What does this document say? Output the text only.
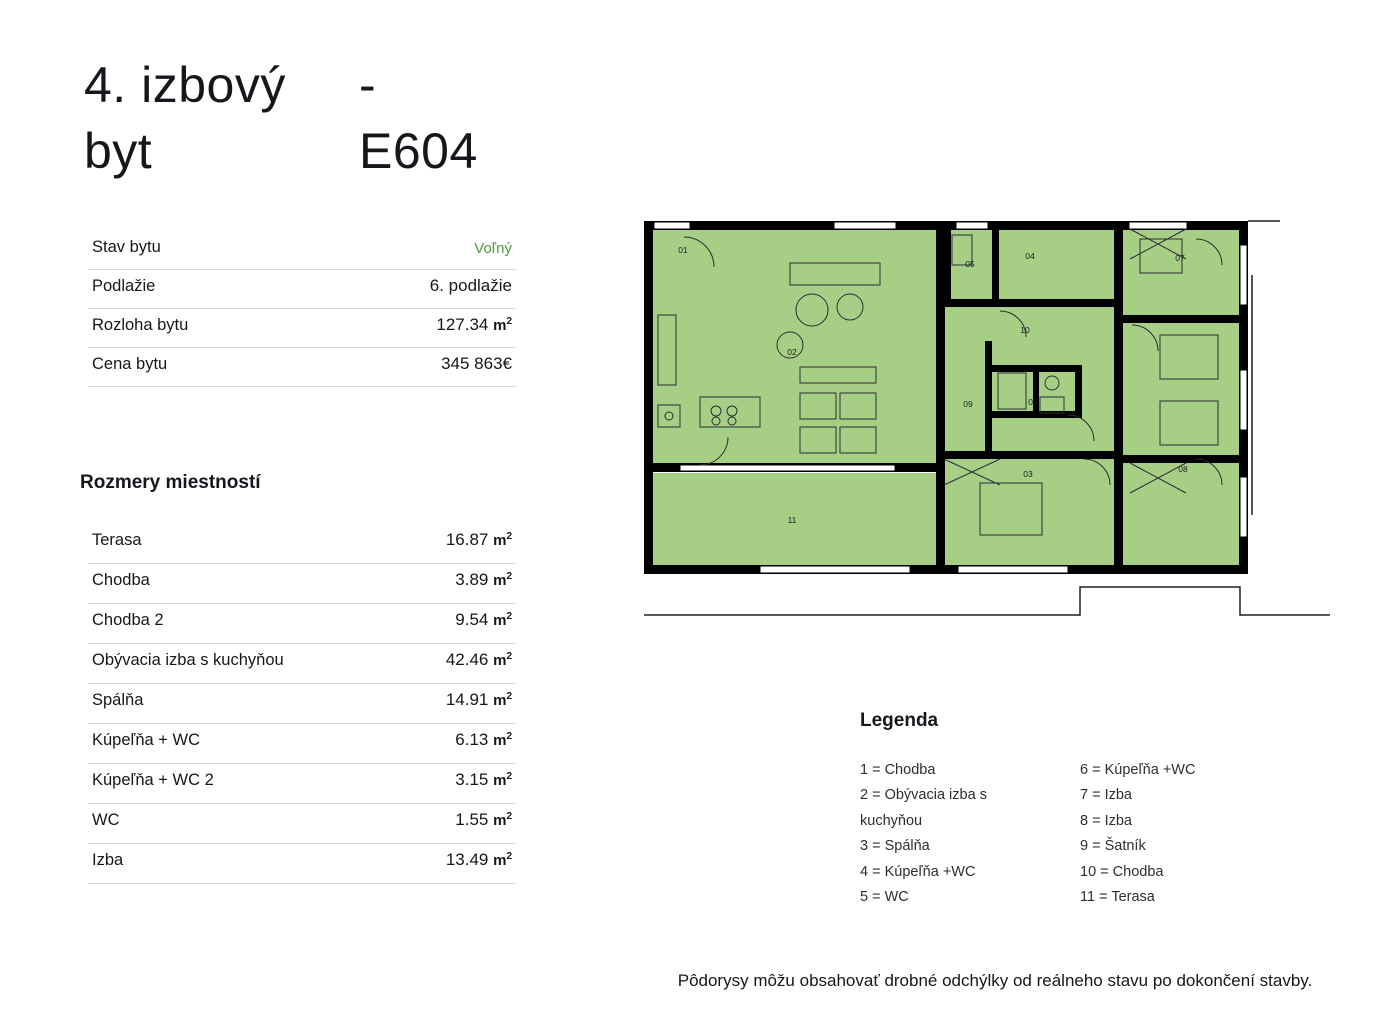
4. izbový	-
byt	E604
Stav bytu	Voľný
Podlažie	6. podlažie
Rozloha bytu	127.34 $m^2$
Cena bytu	345 863€
Rozmery miestností
Terasa	16.87 $m^2$
Chodba	3.89 $m^2$
Chodba 2	9.54 $m^2$
Obývacia izba s kuchyňou	42.46 $m^2$
Spálňa	14.91 $m^2$
Kúpeľňa + WC	6.13 $m^2$
Kúpeľňa + WC 2	3.15 $m^2$
WC	1.55 $m^2$
Izba	13.49 $m^2$
01
02
03
04
05
06
07
08
09
10
11
Legenda
1 = Chodba
2 = Obývacia izba s
kuchyňou
3 = Spálňa
4 = Kúpeľňa +WC
5 = WC
6 = Kúpeľňa +WC
7 = Izba
8 = Izba
9 = Šatník
10 = Chodba
11 = Terasa
Pôdorysy môžu obsahovať drobné odchýlky od reálneho stavu po dokončení stavby.
